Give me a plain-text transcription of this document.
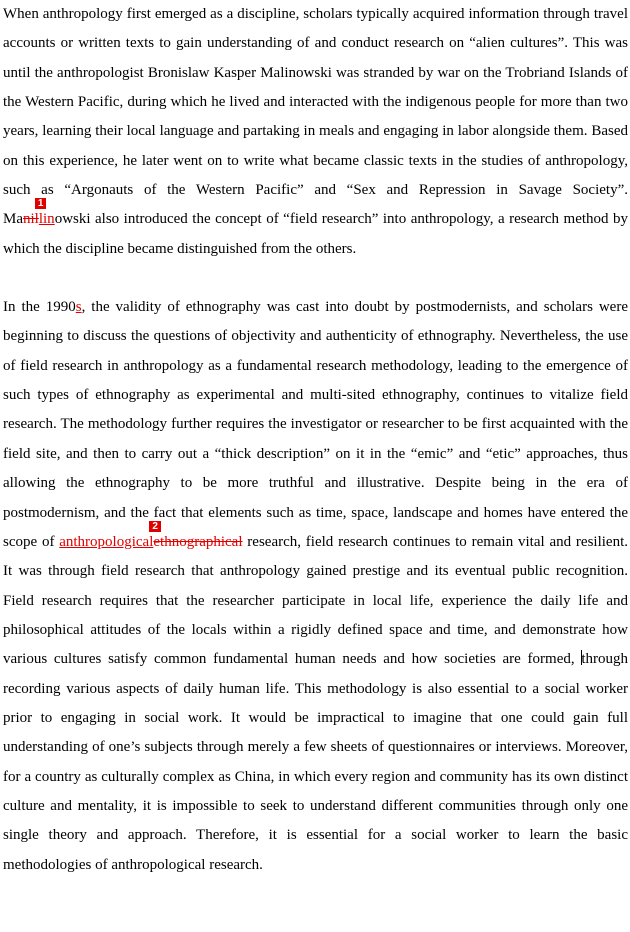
When anthropology first emerged as a discipline, scholars typically acquired information through travel accounts or written texts to gain understanding of and conduct research on “alien cultures”. This was until the anthropologist Bronislaw Kasper Malinowski was stranded by war on the Trobriand Islands of the Western Pacific, during which he lived and interacted with the indigenous people for more than two years, learning their local language and partaking in meals and engaging in labor alongside them. Based on this experience, he later went on to write what became classic texts in the studies of anthropology, such as “Argonauts of the Western Pacific” and “Sex and Repression in Savage Society”. Manil
1
linowski also introduced the concept of “field research” into anthropology, a research method by which the discipline became distinguished from the others.

In the 1990s, the validity of ethnography was cast into doubt by postmodernists, and scholars were beginning to discuss the questions of objectivity and authenticity of ethnography. Nevertheless, the use of field research in anthropology as a fundamental research methodology, leading to the emergence of such types of ethnography as experimental and multi-sited ethnography, continues to vitalize field research. The methodology further requires the investigator or researcher to be first acquainted with the field site, and then to carry out a “thick description” on it in the “emic” and “etic” approaches, thus allowing the ethnography to be more truthful and illustrative. Despite being in the era of postmodernism, and the fact that elements such as time, space, landscape and homes have entered the scope of anthropological
2
ethnographical research, field research continues to remain vital and resilient. It was through field research that anthropology gained prestige and its eventual public recognition. Field research requires that the researcher participate in local life, experience the daily life and philosophical attitudes of the locals within a rigidly defined space and time, and demonstrate how various cultures satisfy common fundamental human needs and how societies are formed, through recording various aspects of daily human life. This methodology is also essential to a social worker prior to engaging in social work. It would be impractical to imagine that one could gain full understanding of one’s subjects through merely a few sheets of questionnaires or interviews. Moreover, for a country as culturally complex as China, in which every region and community has its own distinct culture and mentality, it is impossible to seek to understand different communities through only one single theory and approach. Therefore, it is essential for a social worker to learn the basic methodologies of anthropological research.
